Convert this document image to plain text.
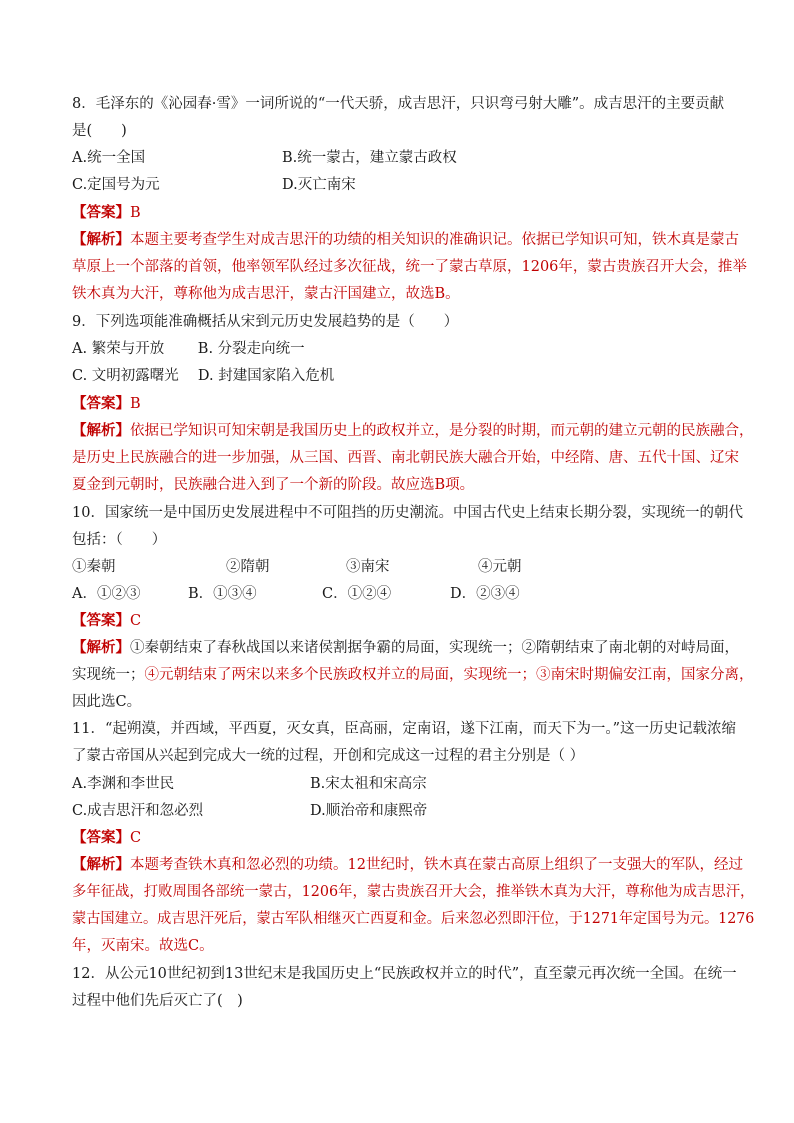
8．毛泽东的《沁园春·雪》一词所说的“一代天骄，成吉思汗，只识弯弓射大雕”。成吉思汗的主要贡献
是(　　)
A.统一全国	B.统一蒙古，建立蒙古政权
C.定国号为元	D.灭亡南宋
【答案】B
【解析】本题主要考查学生对成吉思汗的功绩的相关知识的准确识记。依据已学知识可知，铁木真是蒙古
草原上一个部落的首领，他率领军队经过多次征战，统一了蒙古草原，1206年，蒙古贵族召开大会，推举
铁木真为大汗，尊称他为成吉思汗，蒙古汗国建立，故选B。
9．下列选项能准确概括从宋到元历史发展趋势的是（　　）
A. 繁荣与开放　　 B. 分裂走向统一
C. 文明初露曙光　 D. 封建国家陷入危机
【答案】B
【解析】依据已学知识可知宋朝是我国历史上的政权并立，是分裂的时期，而元朝的建立元朝的民族融合，
是历史上民族融合的进一步加强，从三国、西晋、南北朝民族大融合开始，中经隋、唐、五代十国、辽宋
夏金到元朝时，民族融合进入到了一个新的阶段。故应选B项。
10．国家统一是中国历史发展进程中不可阻挡的历史潮流。中国古代史上结束长期分裂，实现统一的朝代
包括：（　　）
①秦朝	②隋朝	③南宋	④元朝
A．①②③	B．①③④	C．①②④	D．②③④
【答案】C
【解析】①秦朝结束了春秋战国以来诸侯割据争霸的局面，实现统一；②隋朝结束了南北朝的对峙局面，
实现统一；④元朝结束了两宋以来多个民族政权并立的局面，实现统一；③南宋时期偏安江南，国家分离，
因此选C。
11．“起朔漠，并西域，平西夏，灭女真，臣高丽，定南诏，遂下江南，而天下为一。”这一历史记载浓缩
了蒙古帝国从兴起到完成大一统的过程，开创和完成这一过程的君主分别是（ ）
A.李渊和李世民	B.宋太祖和宋高宗
C.成吉思汗和忽必烈	D.顺治帝和康熙帝
【答案】C
【解析】本题考查铁木真和忽必烈的功绩。12世纪时，铁木真在蒙古高原上组织了一支强大的军队，经过
多年征战，打败周围各部统一蒙古，1206年，蒙古贵族召开大会，推举铁木真为大汗，尊称他为成吉思汗，
蒙古国建立。成吉思汗死后，蒙古军队相继灭亡西夏和金。后来忽必烈即汗位，于1271年定国号为元。1276
年，灭南宋。故选C。
12．从公元10世纪初到13世纪末是我国历史上“民族政权并立的时代”，直至蒙元再次统一全国。在统一
过程中他们先后灭亡了(　)
